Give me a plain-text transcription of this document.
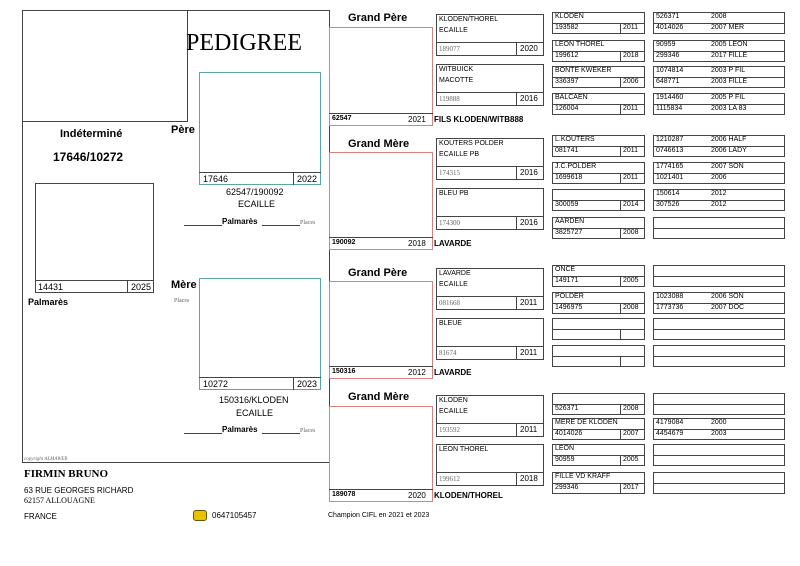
PEDIGREE
Indéterminé
17646/10272
14431	2025
Palmarès
Père
17646	2022
62547/190092
ECAILLE
Palmarès	Places
Mère
Places
10272	2023
150316/KLODEN
ECAILLE
Palmarès	Places
copyright ALMAWEB
FIRMIN BRUNO
63 RUE GEORGES RICHARD
62157 ALLOUAGNE
FRANCE	0647105457	Champion CIFL en 2021 et 2023
Grand Père
62547	2021 FILS KLODEN/WITB888
Grand Mère
190092	2018 LAVARDE
Grand Père
150316	2012 LAVARDE
Grand Mère
189078	2020 KLODEN/THOREL
KLODEN/THOREL
ECAILLE
189077	2020
WITBUICK
MACOTTE
119888	2016
KOUTERS POLDER
ECAILLE PB
174315	2016
BLEU PB
174300	2016
LAVARDE
ECAILLE
081668	2011
BLEUE
81674	2011
KLODEN
ECAILLE
193592	2011
LEON THOREL
199612	2018
KLODEN
193582	2011
LEON THOREL
199612	2018
BONTE KWEKER
336397	2006
BALCAEN
126004	2011
L.KOUTERS
081741	2011
J.C.POLDER
1699618	2011
300059	2014
AARDEN
3825727	2008
ONCE
149171	2005
POLDER
1496975	2008
526371	2008
MERE DE KLODEN
4014026	2007
LEON
90959	2005
FILLE VD KRAFF
299346	2017
526371	2008
4014026	2007 MER
90959	2005 LEON
299346	2017 FILLE
1074814	2003 P FIL
648771	2003 FILLE
1914460	2005 P FIL
1115834	2003 LA 83
1210287	2006 HALF
0746613	2006 LADY
1774165	2007 SON
1021401	2006
150614	2012
307526	2012
1023088	2006 SON
1773736	2007 DOC
4179084	2000
4454679	2003
